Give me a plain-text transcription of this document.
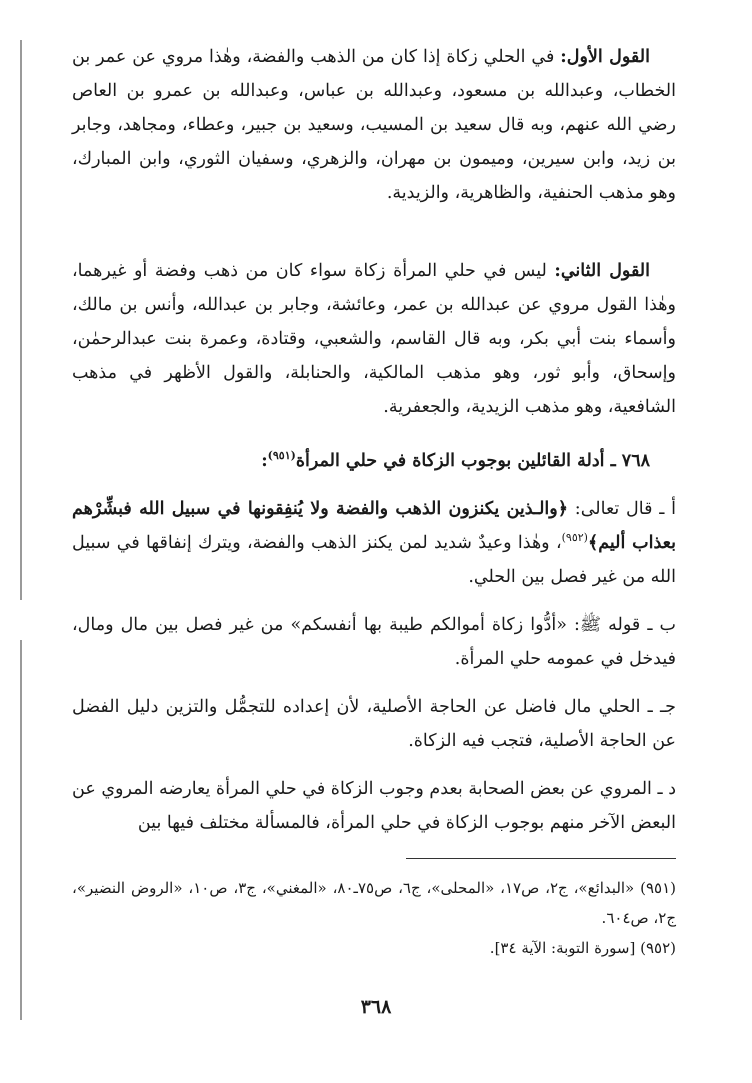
القول الأول: في الحلي زكاة إذا كان من الذهب والفضة، وهٰذا مروي عن عمر بن الخطاب، وعبدالله بن مسعود، وعبدالله بن عباس، وعبدالله بن عمرو بن العاص رضي الله عنهم، وبه قال سعيد بن المسيب، وسعيد بن جبير، وعطاء، ومجاهد، وجابر بن زيد، وابن سيرين، وميمون بن مهران، والزهري، وسفيان الثوري، وابن المبارك، وهو مذهب الحنفية، والظاهرية، والزيدية.

القول الثاني: ليس في حلي المرأة زكاة سواء كان من ذهب وفضة أو غيرهما، وهٰذا القول مروي عن عبدالله بن عمر، وعائشة، وجابر بن عبدالله، وأنس بن مالك، وأسماء بنت أبي بكر، وبه قال القاسم، والشعبي، وقتادة، وعمرة بنت عبدالرحمٰن، وإسحاق، وأبو ثور، وهو مذهب المالكية، والحنابلة، والقول الأظهر في مذهب الشافعية، وهو مذهب الزيدية، والجعفرية.

٧٦٨ ـ أدلة القائلين بوجوب الزكاة في حلي المرأة$^{(٩٥١)}$:

أ ـ قال تعالى: ﴿والـذين يكنزون الذهب والفضة ولا يُنفِقونها في سبيل الله فبشِّرْهم بعذاب أليم﴾$^{(٩٥٢)}$، وهٰذا وعيدٌ شديد لمن يكنز الذهب والفضة، ويترك إنفاقها في سبيل الله من غير فصل بين الحلي.

ب ـ قوله ﷺ: «أدُّوا زكاة أموالكم طيبة بها أنفسكم» من غير فصل بين مال ومال، فيدخل في عمومه حلي المرأة.

جـ ـ الحلي مال فاضل عن الحاجة الأصلية، لأن إعداده للتجمُّل والتزين دليل الفضل عن الحاجة الأصلية، فتجب فيه الزكاة.

د ـ المروي عن بعض الصحابة بعدم وجوب الزكاة في حلي المرأة يعارضه المروي عن البعض الآخر منهم بوجوب الزكاة في حلي المرأة، فالمسألة مختلف فيها بين

(٩٥١) «البدائع»، ج٢، ص١٧، «المحلى»، ج٦، ص٧٥ـ٨٠، «المغني»، ج٣، ص١٠، «الروض النضير»، ج٢، ص٦٠٤.

(٩٥٢) [سورة التوبة: الآية ٣٤].

٣٦٨
